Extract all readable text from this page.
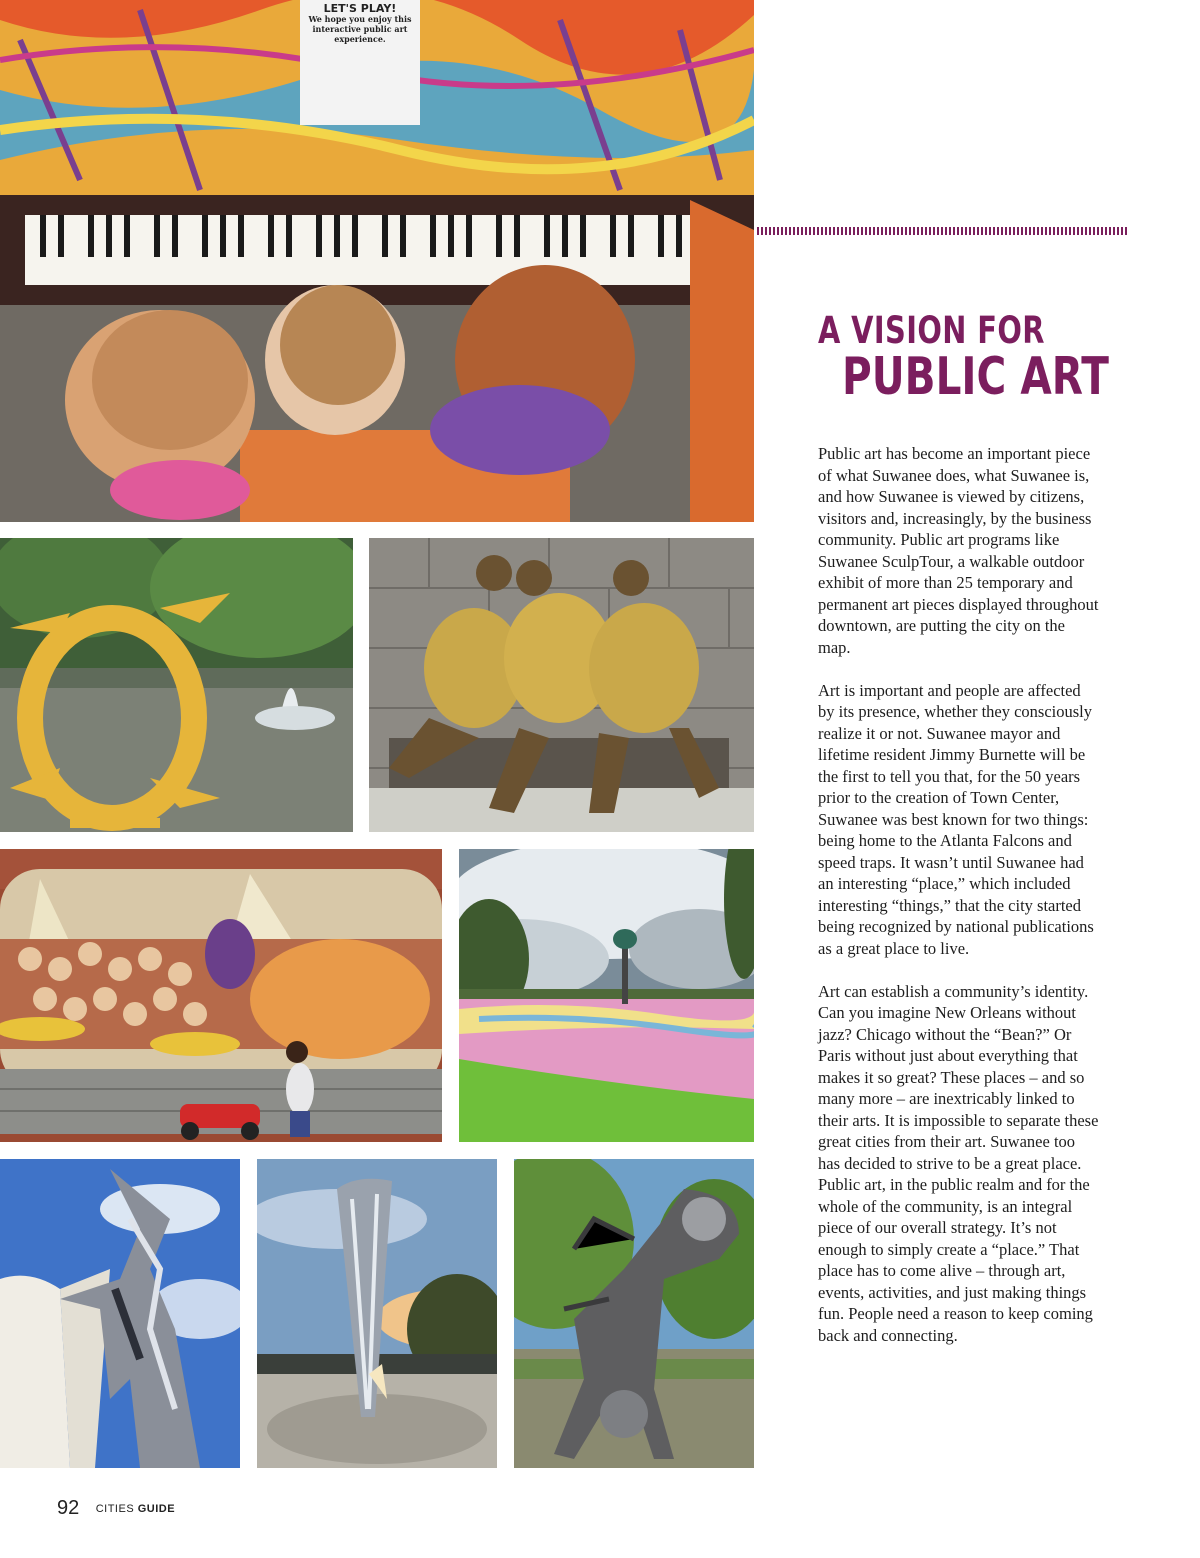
LET'S PLAY!
We hope you enjoy this interactive public art experience.
A VISION FOR
PUBLIC ART

Public art has become an important piece of what Suwanee does, what Suwanee is, and how Suwanee is viewed by citizens, visitors and, increasingly, by the business community. Public art programs like Suwanee SculpTour, a walkable outdoor exhibit of more than 25 temporary and permanent art pieces displayed throughout downtown, are putting the city on the map.

Art is important and people are affected by its presence, whether they consciously realize it or not. Suwanee mayor and lifetime resident Jimmy Burnette will be the first to tell you that, for the 50 years prior to the creation of Town Center, Suwanee was best known for two things: being home to the Atlanta Falcons and speed traps. It wasn’t until Suwanee had an interesting “place,” which included interesting “things,” that the city started being recognized by national publications as a great place to live.

Art can establish a community’s identity. Can you imagine New Orleans without jazz? Chicago without the “Bean?” Or Paris without just about everything that makes it so great? These places – and so many more – are inextricably linked to their arts. It is impossible to separate these great cities from their art. Suwanee too has decided to strive to be a great place. Public art, in the public realm and for the whole of the community, is an integral piece of our overall strategy. It’s not enough to simply create a “place.” That place has to come alive – through art, events, activities, and just making things fun. People need a reason to keep coming back and connecting.

92 CITIES GUIDE
